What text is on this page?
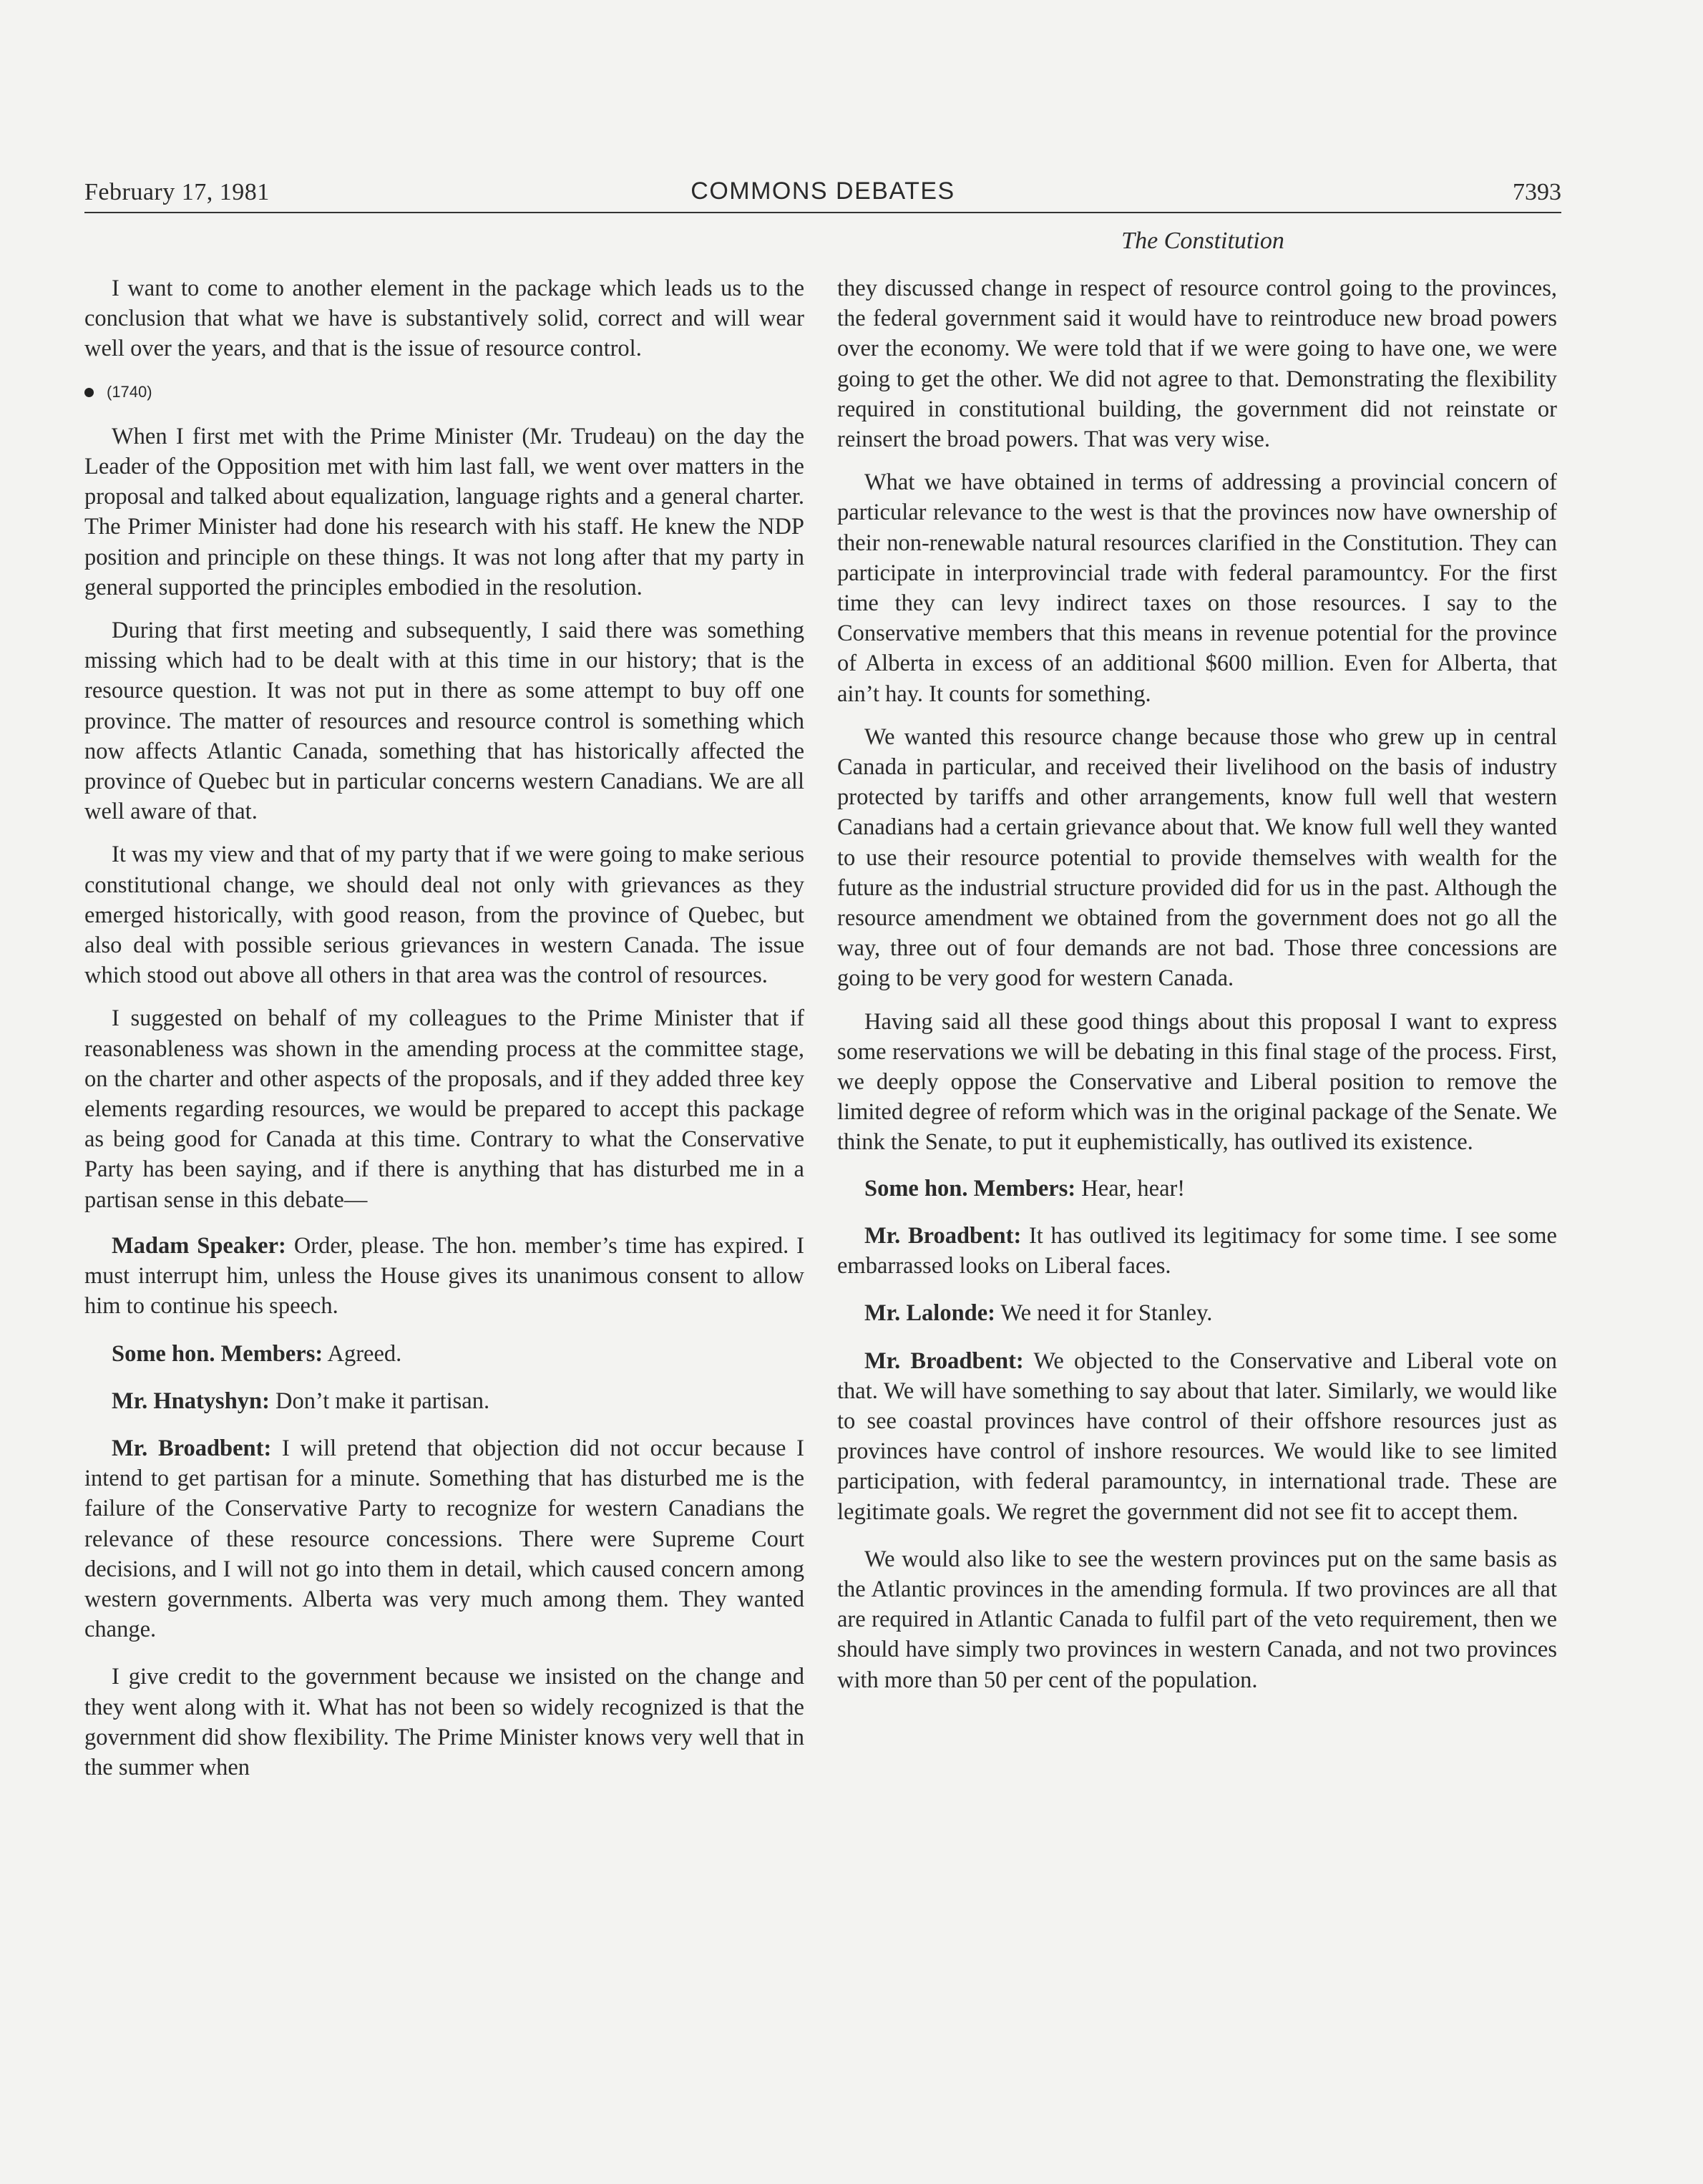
February 17, 1981	COMMONS DEBATES	7393
The Constitution

I want to come to another element in the package which leads us to the conclusion that what we have is substantively solid, correct and will wear well over the years, and that is the issue of resource control.

(1740)

When I first met with the Prime Minister (Mr. Trudeau) on the day the Leader of the Opposition met with him last fall, we went over matters in the proposal and talked about equalization, language rights and a general charter. The Primer Minister had done his research with his staff. He knew the NDP position and principle on these things. It was not long after that my party in general supported the principles embodied in the resolution.

During that first meeting and subsequently, I said there was something missing which had to be dealt with at this time in our history; that is the resource question. It was not put in there as some attempt to buy off one province. The matter of resources and resource control is something which now affects Atlantic Canada, something that has historically affected the province of Quebec but in particular concerns western Canadians. We are all well aware of that.

It was my view and that of my party that if we were going to make serious constitutional change, we should deal not only with grievances as they emerged historically, with good reason, from the province of Quebec, but also deal with possible serious grievances in western Canada. The issue which stood out above all others in that area was the control of resources.

I suggested on behalf of my colleagues to the Prime Minister that if reasonableness was shown in the amending process at the committee stage, on the charter and other aspects of the proposals, and if they added three key elements regarding resources, we would be prepared to accept this package as being good for Canada at this time. Contrary to what the Conservative Party has been saying, and if there is anything that has disturbed me in a partisan sense in this debate—

Madam Speaker: Order, please. The hon. member’s time has expired. I must interrupt him, unless the House gives its unanimous consent to allow him to continue his speech.

Some hon. Members: Agreed.

Mr. Hnatyshyn: Don’t make it partisan.

Mr. Broadbent: I will pretend that objection did not occur because I intend to get partisan for a minute. Something that has disturbed me is the failure of the Conservative Party to recognize for western Canadians the relevance of these resource concessions. There were Supreme Court decisions, and I will not go into them in detail, which caused concern among western governments. Alberta was very much among them. They wanted change.

I give credit to the government because we insisted on the change and they went along with it. What has not been so widely recognized is that the government did show flexibility. The Prime Minister knows very well that in the summer when

they discussed change in respect of resource control going to the provinces, the federal government said it would have to reintroduce new broad powers over the economy. We were told that if we were going to have one, we were going to get the other. We did not agree to that. Demonstrating the flexibility required in constitutional building, the government did not reinstate or reinsert the broad powers. That was very wise.

What we have obtained in terms of addressing a provincial concern of particular relevance to the west is that the provinces now have ownership of their non-renewable natural resources clarified in the Constitution. They can participate in interprovincial trade with federal paramountcy. For the first time they can levy indirect taxes on those resources. I say to the Conservative members that this means in revenue potential for the province of Alberta in excess of an additional $600 million. Even for Alberta, that ain’t hay. It counts for something.

We wanted this resource change because those who grew up in central Canada in particular, and received their livelihood on the basis of industry protected by tariffs and other arrangements, know full well that western Canadians had a certain grievance about that. We know full well they wanted to use their resource potential to provide themselves with wealth for the future as the industrial structure provided did for us in the past. Although the resource amendment we obtained from the government does not go all the way, three out of four demands are not bad. Those three concessions are going to be very good for western Canada.

Having said all these good things about this proposal I want to express some reservations we will be debating in this final stage of the process. First, we deeply oppose the Conservative and Liberal position to remove the limited degree of reform which was in the original package of the Senate. We think the Senate, to put it euphemistically, has outlived its existence.

Some hon. Members: Hear, hear!

Mr. Broadbent: It has outlived its legitimacy for some time. I see some embarrassed looks on Liberal faces.

Mr. Lalonde: We need it for Stanley.

Mr. Broadbent: We objected to the Conservative and Liberal vote on that. We will have something to say about that later. Similarly, we would like to see coastal provinces have control of their offshore resources just as provinces have control of inshore resources. We would like to see limited participation, with federal paramountcy, in international trade. These are legitimate goals. We regret the government did not see fit to accept them.

We would also like to see the western provinces put on the same basis as the Atlantic provinces in the amending formula. If two provinces are all that are required in Atlantic Canada to fulfil part of the veto requirement, then we should have simply two provinces in western Canada, and not two provinces with more than 50 per cent of the population.
